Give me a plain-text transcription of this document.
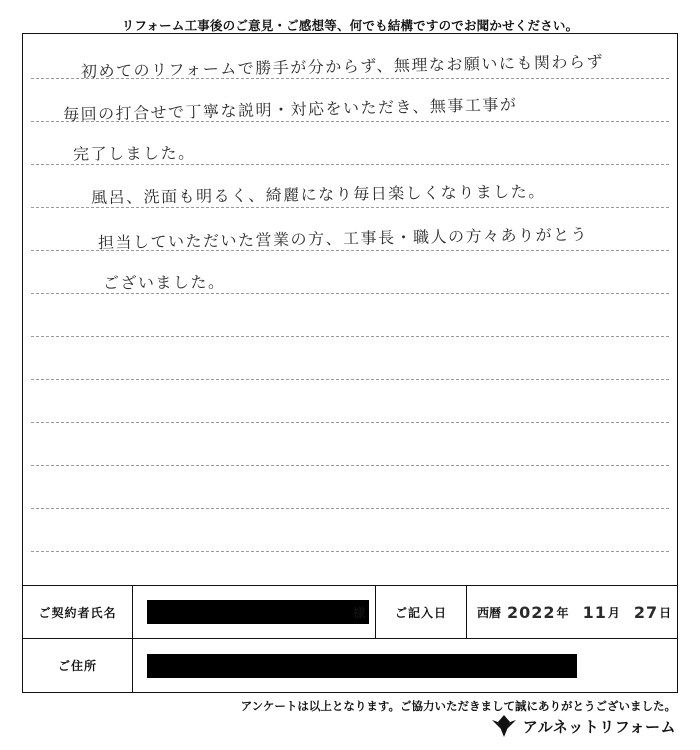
リフォーム工事後のご意見・ご感想等、何でも結構ですのでお聞かせください。
初めてのリフォームで勝手が分からず、無理なお願いにも関わらず
毎回の打合せで丁寧な説明・対応をいただき、無事工事が
完了しました。
風呂、洗面も明るく、綺麗になり毎日楽しくなりました。
担当していただいた営業の方、工事長・職人の方々ありがとう
ございました。
ご契約者氏名	様	ご記入日	西暦 2022 年 11 月 27 日
ご住所
アンケートは以上となります。ご協力いただきまして誠にありがとうございました。
アルネットリフォーム
